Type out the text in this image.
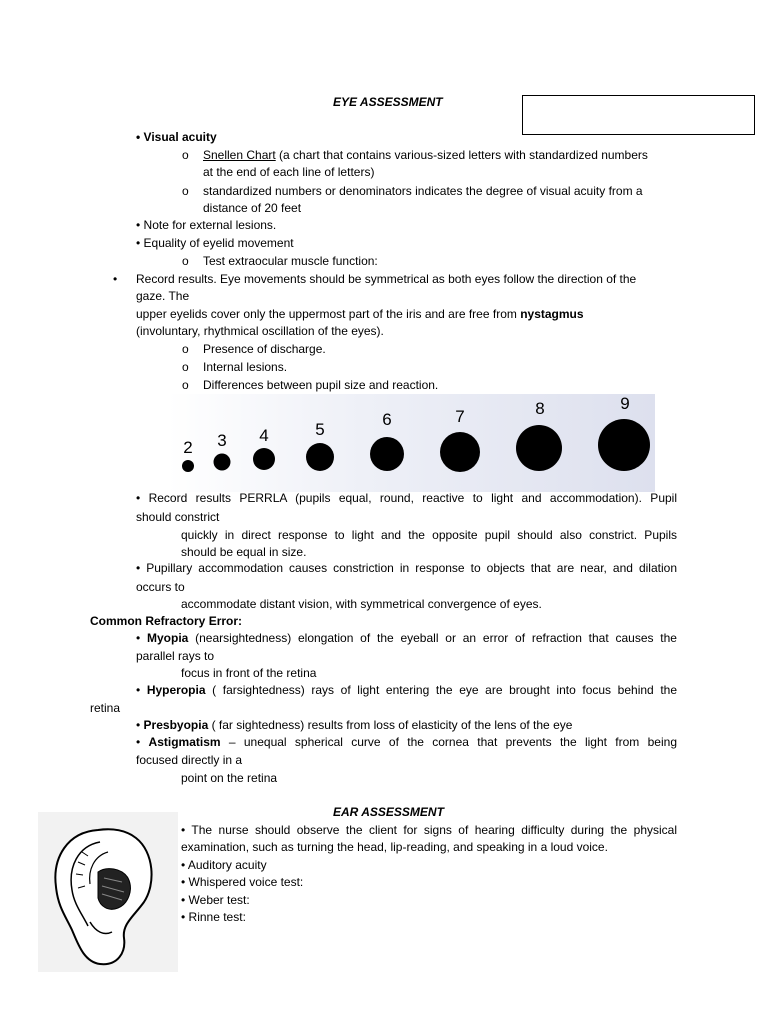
EYE ASSESSMENT
• Visual acuity
o Snellen Chart (a chart that contains various-sized letters with standardized numbers
at the end of each line of letters)
o standardized numbers or denominators indicates the degree of visual acuity from a
distance of 20 feet
• Note for external lesions.
• Equality of eyelid movement
o Test extraocular muscle function:
• Record results. Eye movements should be symmetrical as both eyes follow the direction of the
gaze. The
upper eyelids cover only the uppermost part of the iris and are free from nystagmus
(involuntary, rhythmical oscillation of the eyes).
o Presence of discharge.
o Internal lesions.
o Differences between pupil size and reaction.
2 3 4	5
6	7	8	9
• Record results PERRLA (pupils equal, round, reactive to light and accommodation). Pupil
should constrict
quickly in direct response to light and the opposite pupil should also constrict. Pupils
should be equal in size.
• Pupillary accommodation causes constriction in response to objects that are near, and dilation
occurs to
accommodate distant vision, with symmetrical convergence of eyes.
Common Refractory Error:
• Myopia (nearsightedness) elongation of the eyeball or an error of refraction that causes the
parallel rays to
focus in front of the retina
• Hyperopia ( farsightedness) rays of light entering the eye are brought into focus behind the
retina
• Presbyopia ( far sightedness) results from loss of elasticity of the lens of the eye
• Astigmatism – unequal spherical curve of the cornea that prevents the light from being
focused directly in a
point on the retina
EAR ASSESSMENT
• The nurse should observe the client for signs of hearing difficulty during the physical
examination, such as turning the head, lip-reading, and speaking in a loud voice.
• Auditory acuity
• Whispered voice test:
• Weber test:
• Rinne test:
